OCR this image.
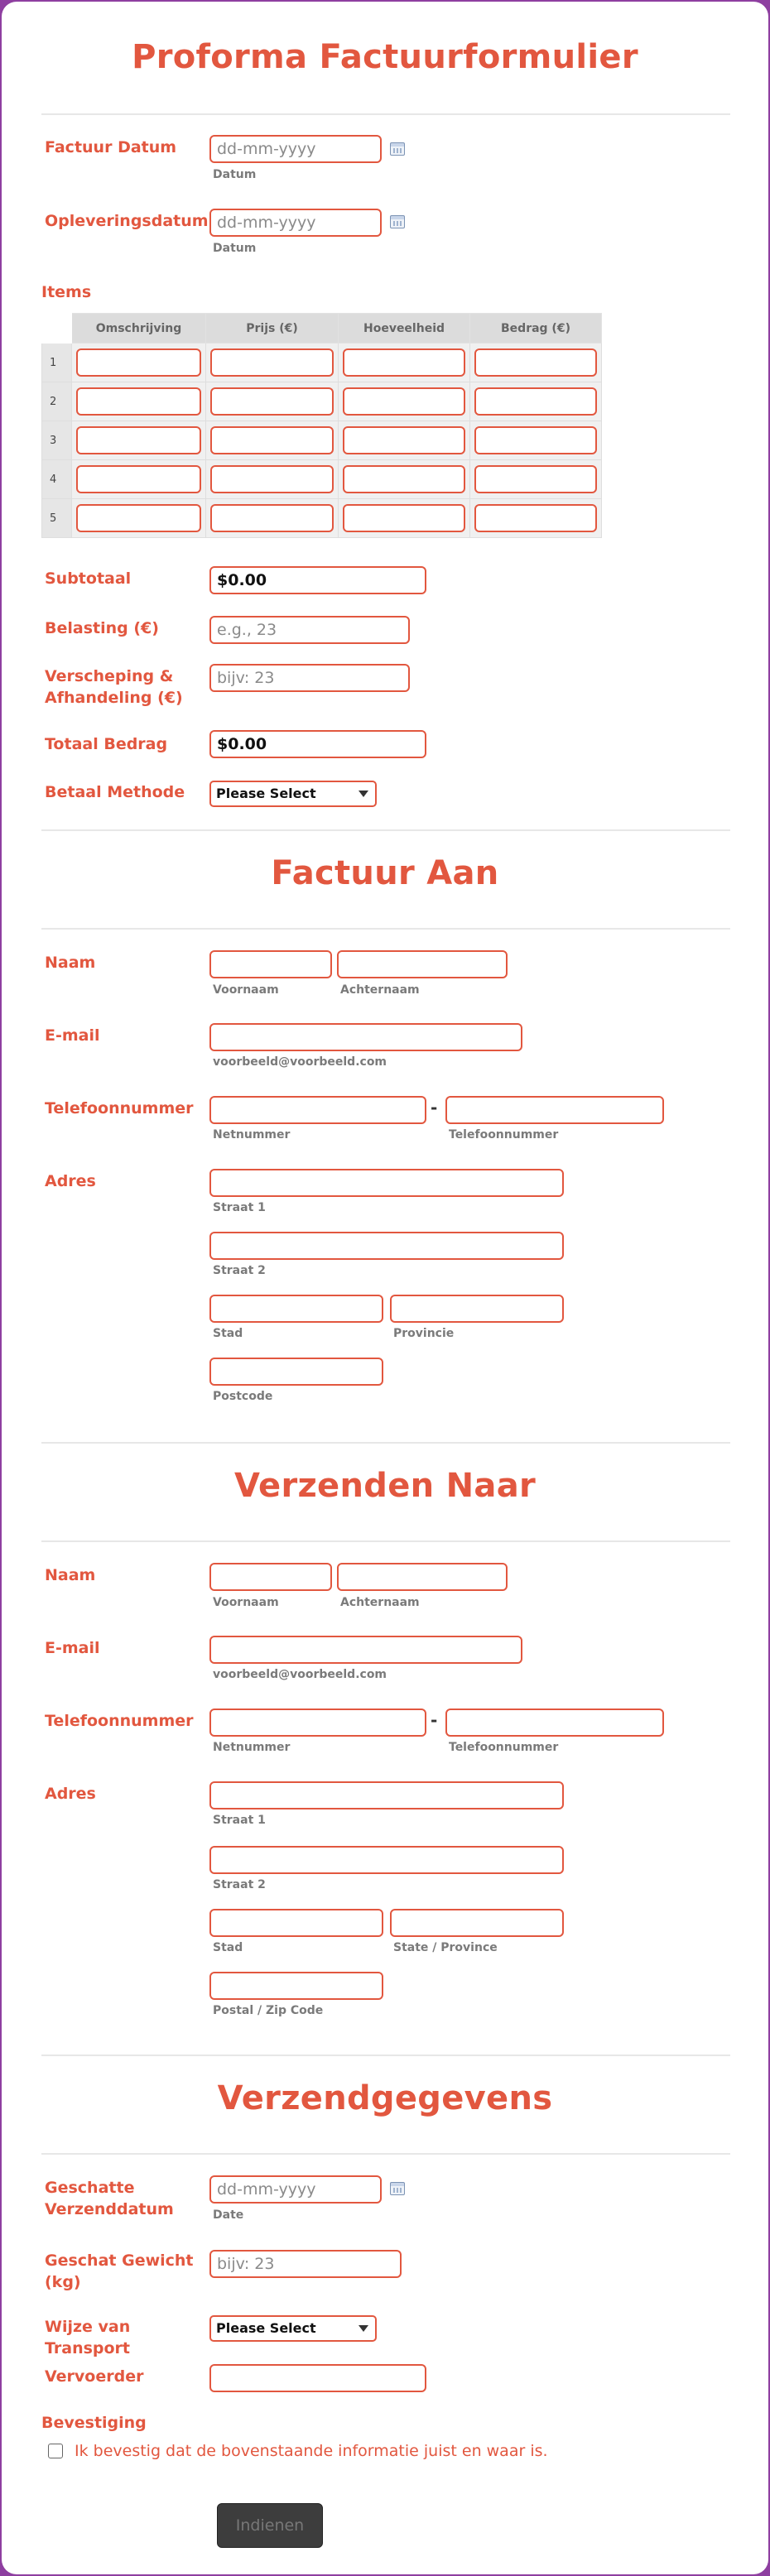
Proforma Factuurformulier
Factuur Datum
dd-mm-yyyy
Datum
Opleveringsdatum
dd-mm-yyyy
Datum
Items
	Omschrijving	Prijs (€)	Hoeveelheid	Bedrag (€)
1	

2	

3	

4	

5	

Subtotaal
$0.00
Belasting (€)
e.g., 23
Verscheping & Afhandeling (€)
bijv: 23
Totaal Bedrag
$0.00
Betaal Methode	Please Select
Factuur Aan
Naam
Voornaam	Achternaam
E-mail
voorbeeld@voorbeeld.com
Telefoonnummer	-
Netnummer	Telefoonnummer
Adres
Straat 1
Straat 2
Stad	Provincie
Postcode
Verzenden Naar
Naam
Voornaam	Achternaam
E-mail
voorbeeld@voorbeeld.com
Telefoonnummer	-
Netnummer	Telefoonnummer
Adres
Straat 1
Straat 2
Stad	State / Province
Postal / Zip Code
Verzendgegevens
Geschatte Verzenddatum
dd-mm-yyyy	Date
Geschat Gewicht (kg)
bijv: 23
Wijze van Transport
Please Select
Vervoerder
Bevestiging
Ik bevestig dat de bovenstaande informatie juist en waar is.
Indienen
